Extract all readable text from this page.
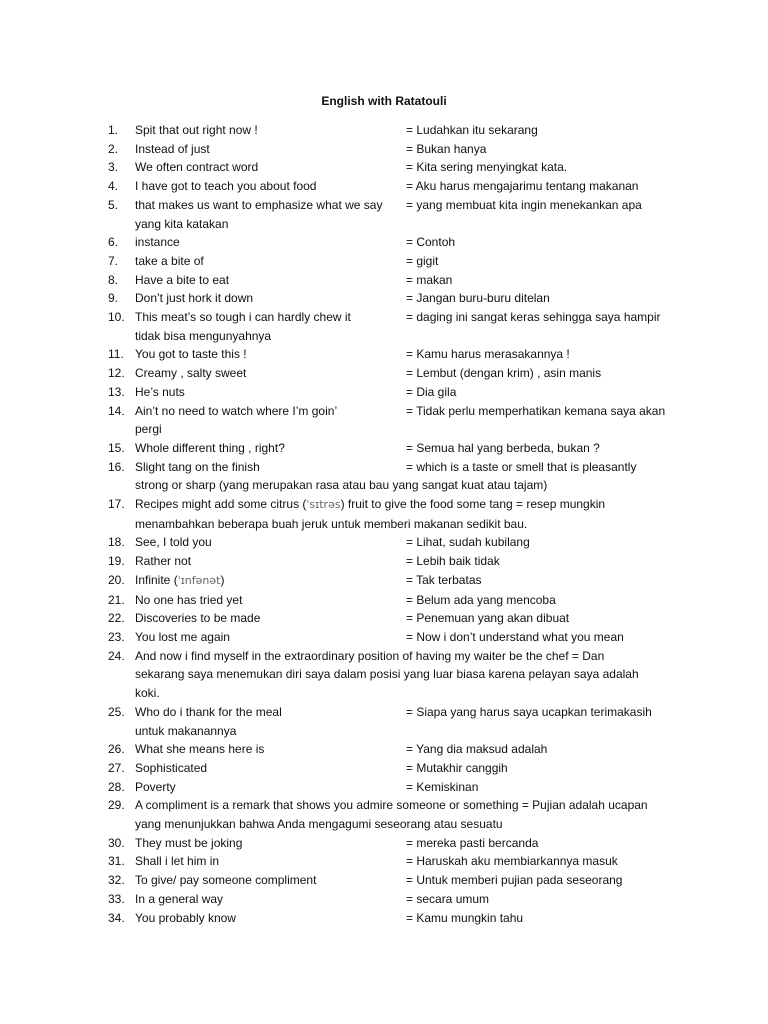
English with Ratatouli
1.	Spit that out right now !	= Ludahkan itu sekarang
2.	Instead of just	= Bukan hanya
3.	We often contract word	= Kita sering menyingkat kata.
4.	I have got to teach you about food	= Aku harus mengajarimu tentang makanan
5.	that makes us want to emphasize what we say	= yang membuat kita ingin menekankan apa
yang kita katakan
6.	instance	= Contoh
7.	take a bite of	= gigit
8.	Have a bite to eat	= makan
9.	Don’t just hork it down	= Jangan buru-buru ditelan
10. This meat’s so tough i can hardly chew it	= daging ini sangat keras sehingga saya hampir
tidak bisa mengunyahnya
11. You got to taste this !	= Kamu harus merasakannya !
12. Creamy , salty sweet	= Lembut (dengan krim) , asin manis
13. He’s nuts	= Dia gila
14. Ain’t no need to watch where I’m goin’	= Tidak perlu memperhatikan kemana saya akan
pergi
15. Whole different thing , right?	= Semua hal yang berbeda, bukan ?
16. Slight tang on the finish	= which is a taste or smell that is pleasantly
strong or sharp (yang merupakan rasa atau bau yang sangat kuat atau tajam)
17. Recipes might add some citrus (ˈsɪtrəs) fruit to give the food some tang = resep mungkin
menambahkan beberapa buah jeruk untuk memberi makanan sedikit bau.
18. See, I told you	= Lihat, sudah kubilang
19. Rather not	= Lebih baik tidak
20. Infinite (ˈɪnfənət)	= Tak terbatas
21. No one has tried yet	= Belum ada yang mencoba
22. Discoveries to be made	= Penemuan yang akan dibuat
23. You lost me again	= Now i don’t understand what you mean
24. And now i find myself in the extraordinary position of having my waiter be the chef = Dan
sekarang saya menemukan diri saya dalam posisi yang luar biasa karena pelayan saya adalah
koki.
25. Who do i thank for the meal	= Siapa yang harus saya ucapkan terimakasih
untuk makanannya
26. What she means here is	= Yang dia maksud adalah
27. Sophisticated	= Mutakhir canggih
28. Poverty	= Kemiskinan
29. A compliment is a remark that shows you admire someone or something = Pujian adalah ucapan
yang menunjukkan bahwa Anda mengagumi seseorang atau sesuatu
30. They must be joking	= mereka pasti bercanda
31. Shall i let him in	= Haruskah aku membiarkannya masuk
32. To give/ pay someone compliment	= Untuk memberi pujian pada seseorang
33. In a general way	= secara umum
34. You probably know	= Kamu mungkin tahu
